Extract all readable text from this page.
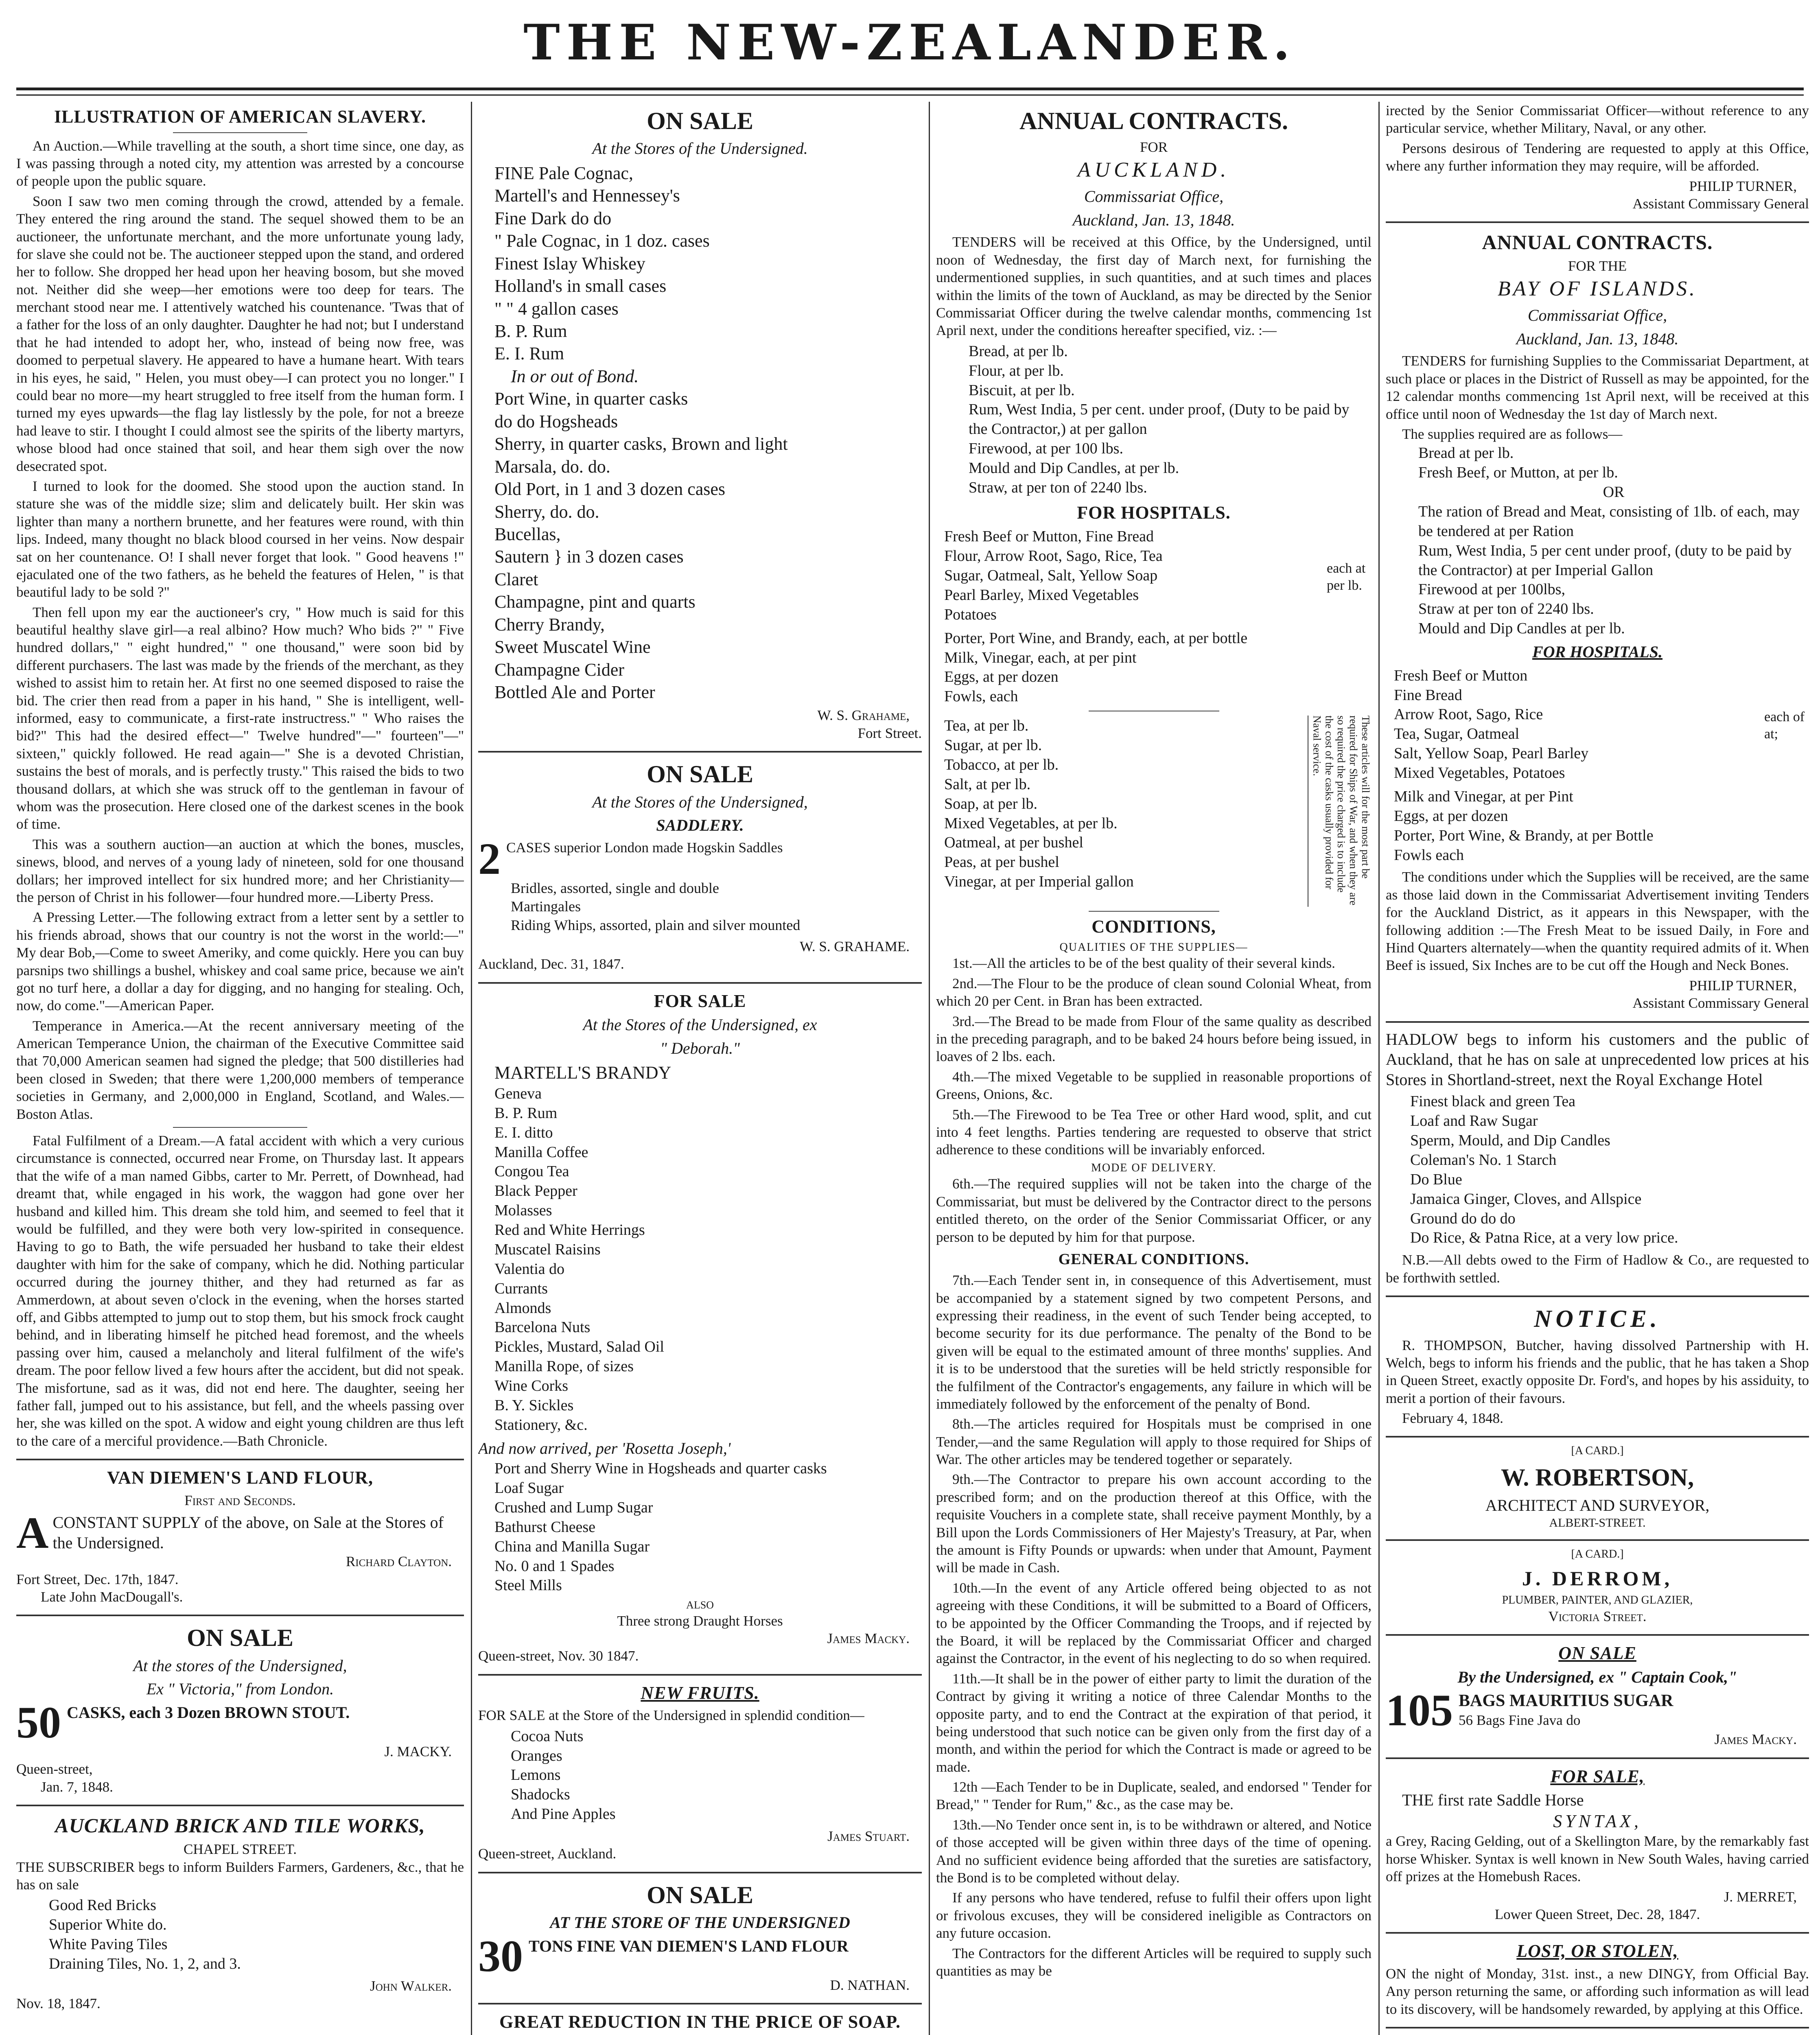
THE NEW-ZEALANDER.
ILLUSTRATION OF AMERICAN SLAVERY.

An Auction.—While travelling at the south, a short time since, one day, as I was passing through a noted city, my attention was arrested by a concourse of people upon the public square.

Soon I saw two men coming through the crowd, attended by a female. They entered the ring around the stand. The sequel showed them to be an auctioneer, the unfortunate merchant, and the more unfortunate young lady, for slave she could not be. The auctioneer stepped upon the stand, and ordered her to follow. She dropped her head upon her heaving bosom, but she moved not. Neither did she weep—her emotions were too deep for tears. The merchant stood near me. I attentively watched his countenance. 'Twas that of a father for the loss of an only daughter. Daughter he had not; but I understand that he had intended to adopt her, who, instead of being now free, was doomed to perpetual slavery. He appeared to have a humane heart. With tears in his eyes, he said, " Helen, you must obey—I can protect you no longer." I could bear no more—my heart struggled to free itself from the human form. I turned my eyes upwards—the flag lay listlessly by the pole, for not a breeze had leave to stir. I thought I could almost see the spirits of the liberty martyrs, whose blood had once stained that soil, and hear them sigh over the now desecrated spot.

I turned to look for the doomed. She stood upon the auction stand. In stature she was of the middle size; slim and delicately built. Her skin was lighter than many a northern brunette, and her features were round, with thin lips. Indeed, many thought no black blood coursed in her veins. Now despair sat on her countenance. O! I shall never forget that look. " Good heavens !" ejaculated one of the two fathers, as he beheld the features of Helen, " is that beautiful lady to be sold ?"

Then fell upon my ear the auctioneer's cry, " How much is said for this beautiful healthy slave girl—a real albino? How much? Who bids ?" " Five hundred dollars," " eight hundred," " one thousand," were soon bid by different purchasers. The last was made by the friends of the merchant, as they wished to assist him to retain her. At first no one seemed disposed to raise the bid. The crier then read from a paper in his hand, " She is intelligent, well-informed, easy to communicate, a first-rate instructress." " Who raises the bid?" This had the desired effect—" Twelve hundred"—" fourteen"—" sixteen," quickly followed. He read again—" She is a devoted Christian, sustains the best of morals, and is perfectly trusty." This raised the bids to two thousand dollars, at which she was struck off to the gentleman in favour of whom was the prosecution. Here closed one of the darkest scenes in the book of time.

This was a southern auction—an auction at which the bones, muscles, sinews, blood, and nerves of a young lady of nineteen, sold for one thousand dollars; her improved intellect for six hundred more; and her Christianity—the person of Christ in his follower—four hundred more.—Liberty Press.

A Pressing Letter.—The following extract from a letter sent by a settler to his friends abroad, shows that our country is not the worst in the world:—" My dear Bob,—Come to sweet Ameriky, and come quickly. Here you can buy parsnips two shillings a bushel, whiskey and coal same price, because we ain't got no turf here, a dollar a day for digging, and no hanging for stealing. Och, now, do come."—American Paper.

Temperance in America.—At the recent anniversary meeting of the American Temperance Union, the chairman of the Executive Committee said that 70,000 American seamen had signed the pledge; that 500 distilleries had been closed in Sweden; that there were 1,200,000 members of temperance societies in Germany, and 2,000,000 in England, Scotland, and Wales.—Boston Atlas.

Fatal Fulfilment of a Dream.—A fatal accident with which a very curious circumstance is connected, occurred near Frome, on Thursday last. It appears that the wife of a man named Gibbs, carter to Mr. Perrett, of Downhead, had dreamt that, while engaged in his work, the waggon had gone over her husband and killed him. This dream she told him, and seemed to feel that it would be fulfilled, and they were both very low-spirited in consequence. Having to go to Bath, the wife persuaded her husband to take their eldest daughter with him for the sake of company, which he did. Nothing particular occurred during the journey thither, and they had returned as far as Ammerdown, at about seven o'clock in the evening, when the horses started off, and Gibbs attempted to jump out to stop them, but his smock frock caught behind, and in liberating himself he pitched head foremost, and the wheels passing over him, caused a melancholy and literal fulfilment of the wife's dream. The poor fellow lived a few hours after the accident, but did not speak. The misfortune, sad as it was, did not end here. The daughter, seeing her father fall, jumped out to his assistance, but fell, and the wheels passing over her, she was killed on the spot. A widow and eight young children are thus left to the care of a merciful providence.—Bath Chronicle.

VAN DIEMEN'S LAND FLOUR,
First and Seconds.
A CONSTANT SUPPLY of the above, on Sale at the Stores of the Undersigned.
Richard Clayton.
Fort Street, Dec. 17th, 1847.
Late John MacDougall's.
ON SALE
At the stores of the Undersigned,
Ex " Victoria," from London.
50 CASKS, each 3 Dozen BROWN STOUT.
J. MACKY.
Queen-street,
Jan. 7, 1848.
AUCKLAND BRICK AND TILE WORKS,
CHAPEL STREET.

THE SUBSCRIBER begs to inform Builders Farmers, Gardeners, &c., that he has on sale

Good Red Bricks
Superior White do.
White Paving Tiles
Draining Tiles, No. 1, 2, and 3.
John Walker.
Nov. 18, 1847.
ON SALE
At the Stores of the Undersigned.
FINE Pale Cognac,
Martell's and Hennessey's
Fine Dark do do
" Pale Cognac, in 1 doz. cases
Finest Islay Whiskey
Holland's in small cases
" " 4 gallon cases
B. P. Rum
E. I. Rum
In or out of Bond.
Port Wine, in quarter casks
do do Hogsheads
Sherry, in quarter casks, Brown and light
Marsala, do. do.
Old Port, in 1 and 3 dozen cases
Sherry, do. do.
Bucellas,
Sautern } in 3 dozen cases
Claret
Champagne, pint and quarts
Cherry Brandy,
Sweet Muscatel Wine
Champagne Cider
Bottled Ale and Porter
W. S. Grahame,
Fort Street.
ON SALE
At the Stores of the Undersigned,
SADDLERY.
2 CASES superior London made Hogskin Saddles
Bridles, assorted, single and double
Martingales
Riding Whips, assorted, plain and silver mounted
W. S. GRAHAME.
Auckland, Dec. 31, 1847.
FOR SALE
At the Stores of the Undersigned, ex
" Deborah."
MARTELL'S BRANDY
Geneva
B. P. Rum
E. I. ditto
Manilla Coffee
Congou Tea
Black Pepper
Molasses
Red and White Herrings
Muscatel Raisins
Valentia do
Currants
Almonds
Barcelona Nuts
Pickles, Mustard, Salad Oil
Manilla Rope, of sizes
Wine Corks
B. Y. Sickles
Stationery, &c.
And now arrived, per 'Rosetta Joseph,'
Port and Sherry Wine in Hogsheads and quarter casks
Loaf Sugar
Crushed and Lump Sugar
Bathurst Cheese
China and Manilla Sugar
No. 0 and 1 Spades
Steel Mills
ALSO
Three strong Draught Horses
James Macky.
Queen-street, Nov. 30 1847.
NEW FRUITS.

FOR SALE at the Store of the Undersigned in splendid condition—

Cocoa Nuts
Oranges
Lemons
Shadocks
And Pine Apples
James Stuart.
Queen-street, Auckland.
ON SALE
AT THE STORE OF THE UNDERSIGNED
30 TONS FINE VAN DIEMEN'S LAND FLOUR
D. NATHAN.
GREAT REDUCTION IN THE PRICE OF SOAP.

ANNUAL CONTRACTS.
FOR
AUCKLAND.
Commissariat Office,
Auckland, Jan. 13, 1848.

TENDERS will be received at this Office, by the Undersigned, until noon of Wednesday, the first day of March next, for furnishing the undermentioned supplies, in such quantities, and at such times and places within the limits of the town of Auckland, as may be directed by the Senior Commissariat Officer during the twelve calendar months, commencing 1st April next, under the conditions hereafter specified, viz. :—

Bread, at per lb.
Flour, at per lb.
Biscuit, at per lb.
Rum, West India, 5 per cent. under proof, (Duty to be paid by the Contractor,) at per gallon
Firewood, at per 100 lbs.
Mould and Dip Candles, at per lb.
Straw, at per ton of 2240 lbs.
FOR HOSPITALS.
Fresh Beef or Mutton, Fine Bread
Flour, Arrow Root, Sago, Rice, Tea
Sugar, Oatmeal, Salt, Yellow Soap
Pearl Barley, Mixed Vegetables
Potatoes
each at per lb.
Porter, Port Wine, and Brandy, each, at per bottle
Milk, Vinegar, each, at per pint
Eggs, at per dozen
Fowls, each
Tea, at per lb.
Sugar, at per lb.
Tobacco, at per lb.
Salt, at per lb.
Soap, at per lb.
Mixed Vegetables, at per lb.
Oatmeal, at per bushel
Peas, at per bushel
Vinegar, at per Imperial gallon
These articles will for the most part be required for Ships of War, and when they are so required the price charged is to include the cost of the casks usually provided for Naval service.
CONDITIONS,
QUALITIES OF THE SUPPLIES—

1st.—All the articles to be of the best quality of their several kinds.

2nd.—The Flour to be the produce of clean sound Colonial Wheat, from which 20 per Cent. in Bran has been extracted.

3rd.—The Bread to be made from Flour of the same quality as described in the preceding paragraph, and to be baked 24 hours before being issued, in loaves of 2 lbs. each.

4th.—The mixed Vegetable to be supplied in reasonable proportions of Greens, Onions, &c.

5th.—The Firewood to be Tea Tree or other Hard wood, split, and cut into 4 feet lengths. Parties tendering are requested to observe that strict adherence to these conditions will be invariably enforced.

MODE OF DELIVERY.

6th.—The required supplies will not be taken into the charge of the Commissariat, but must be delivered by the Contractor direct to the persons entitled thereto, on the order of the Senior Commissariat Officer, or any person to be deputed by him for that purpose.

GENERAL CONDITIONS.

7th.—Each Tender sent in, in consequence of this Advertisement, must be accompanied by a statement signed by two competent Persons, and expressing their readiness, in the event of such Tender being accepted, to become security for its due performance. The penalty of the Bond to be given will be equal to the estimated amount of three months' supplies. And it is to be understood that the sureties will be held strictly responsible for the fulfilment of the Contractor's engagements, any failure in which will be immediately followed by the enforcement of the penalty of Bond.

8th.—The articles required for Hospitals must be comprised in one Tender,—and the same Regulation will apply to those required for Ships of War. The other articles may be tendered together or separately.

9th.—The Contractor to prepare his own account according to the prescribed form; and on the production thereof at this Office, with the requisite Vouchers in a complete state, shall receive payment Monthly, by a Bill upon the Lords Commissioners of Her Majesty's Treasury, at Par, when the amount is Fifty Pounds or upwards: when under that Amount, Payment will be made in Cash.

10th.—In the event of any Article offered being objected to as not agreeing with these Conditions, it will be submitted to a Board of Officers, to be appointed by the Officer Commanding the Troops, and if rejected by the Board, it will be replaced by the Commissariat Officer and charged against the Contractor, in the event of his neglecting to do so when required.

11th.—It shall be in the power of either party to limit the duration of the Contract by giving it writing a notice of three Calendar Months to the opposite party, and to end the Contract at the expiration of that period, it being understood that such notice can be given only from the first day of a month, and within the period for which the Contract is made or agreed to be made.

12th —Each Tender to be in Duplicate, sealed, and endorsed " Tender for Bread," " Tender for Rum," &c., as the case may be.

13th.—No Tender once sent in, is to be withdrawn or altered, and Notice of those accepted will be given within three days of the time of opening. And no sufficient evidence being afforded that the sureties are satisfactory, the Bond is to be completed without delay.

If any persons who have tendered, refuse to fulfil their offers upon light or frivolous excuses, they will be considered ineligible as Contractors on any future occasion.

The Contractors for the different Articles will be required to supply such quantities as may be

irected by the Senior Commissariat Officer—without reference to any particular service, whether Military, Naval, or any other.

Persons desirous of Tendering are requested to apply at this Office, where any further information they may require, will be afforded.

PHILIP TURNER,
Assistant Commissary General
ANNUAL CONTRACTS.
FOR THE
BAY OF ISLANDS.
Commissariat Office,
Auckland, Jan. 13, 1848.

TENDERS for furnishing Supplies to the Commissariat Department, at such place or places in the District of Russell as may be appointed, for the 12 calendar months commencing 1st April next, will be received at this office until noon of Wednesday the 1st day of March next.

The supplies required are as follows—
Bread at per lb.
Fresh Beef, or Mutton, at per lb.
OR
The ration of Bread and Meat, consisting of 1lb. of each, may be tendered at per Ration
Rum, West India, 5 per cent under proof, (duty to be paid by the Contractor) at per Imperial Gallon
Firewood at per 100lbs,
Straw at per ton of 2240 lbs.
Mould and Dip Candles at per lb.
FOR HOSPITALS.
Fresh Beef or Mutton
Fine Bread
Arrow Root, Sago, Rice
Tea, Sugar, Oatmeal
Salt, Yellow Soap, Pearl Barley
Mixed Vegetables, Potatoes
each of at;
Milk and Vinegar, at per Pint
Eggs, at per dozen
Porter, Port Wine, & Brandy, at per Bottle
Fowls each

The conditions under which the Supplies will be received, are the same as those laid down in the Commissariat Advertisement inviting Tenders for the Auckland District, as it appears in this Newspaper, with the following addition :—The Fresh Meat to be issued Daily, in Fore and Hind Quarters alternately—when the quantity required admits of it. When Beef is issued, Six Inches are to be cut off the Hough and Neck Bones.

PHILIP TURNER,
Assistant Commissary General

HADLOW begs to inform his customers and the public of Auckland, that he has on sale at unprecedented low prices at his Stores in Shortland-street, next the Royal Exchange Hotel

Finest black and green Tea
Loaf and Raw Sugar
Sperm, Mould, and Dip Candles
Coleman's No. 1 Starch
Do Blue
Jamaica Ginger, Cloves, and Allspice
Ground do do do
Do Rice, & Patna Rice, at a very low price.

N.B.—All debts owed to the Firm of Hadlow & Co., are requested to be forthwith settled.

NOTICE.

R. THOMPSON, Butcher, having dissolved Partnership with H. Welch, begs to inform his friends and the public, that he has taken a Shop in Queen Street, exactly opposite Dr. Ford's, and hopes by his assiduity, to merit a portion of their favours.

February 4, 1848.
[A CARD.]
W. ROBERTSON,
ARCHITECT AND SURVEYOR,
ALBERT-STREET.
[A CARD.]
J. DERROM,
PLUMBER, PAINTER, AND GLAZIER,
Victoria Street.
ON SALE
By the Undersigned, ex " Captain Cook,"
105 BAGS MAURITIUS SUGAR
56 Bags Fine Java do
James Macky.
FOR SALE,
THE first rate Saddle Horse
SYNTAX,

a Grey, Racing Gelding, out of a Skellington Mare, by the remarkably fast horse Whisker. Syntax is well known in New South Wales, having carried off prizes at the Homebush Races.

J. MERRET,
Lower Queen Street, Dec. 28, 1847.
LOST, OR STOLEN,

ON the night of Monday, 31st. inst., a new DINGY, from Official Bay. Any person returning the same, or affording such information as will lead to its discovery, will be handsomely rewarded, by applying at this Office.
